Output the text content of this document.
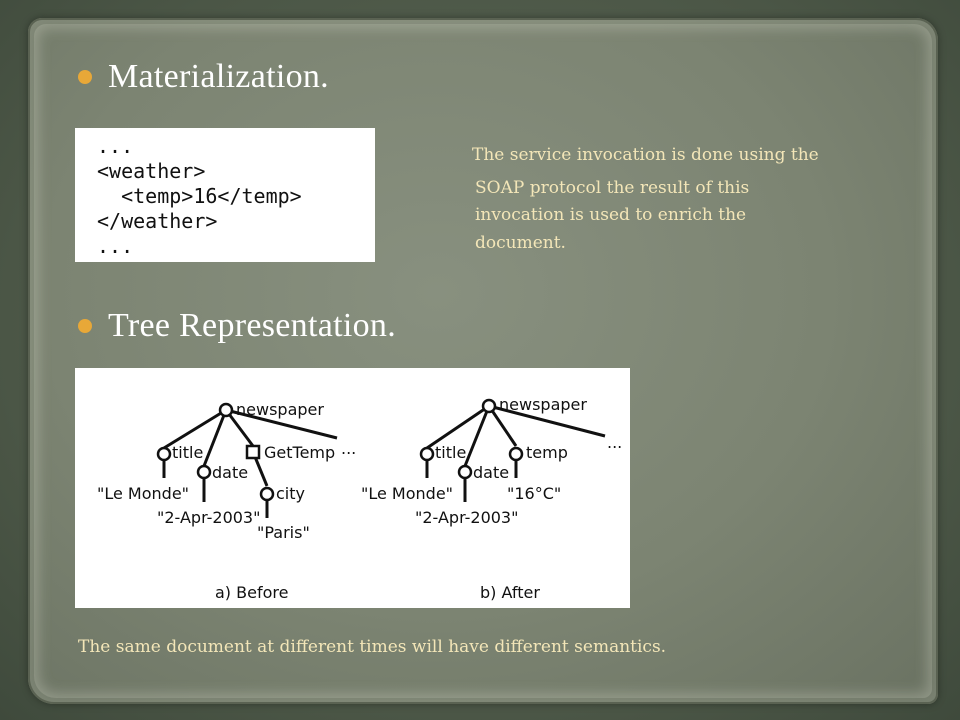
Materialization.
...
<weather>
<temp>16</temp>
</weather>
...
The service invocation is done using the
SOAP protocol the result of this
invocation is used to enrich the
document.
Tree Representation.
newspaper
...
title
date
GetTemp
city
"Le Monde"
"2-Apr-2003"
"Paris"
a) Before
newspaper
...
title
date
temp
"Le Monde"
"2-Apr-2003"
"16°C"
b) After
The same document at different times will have different semantics.
